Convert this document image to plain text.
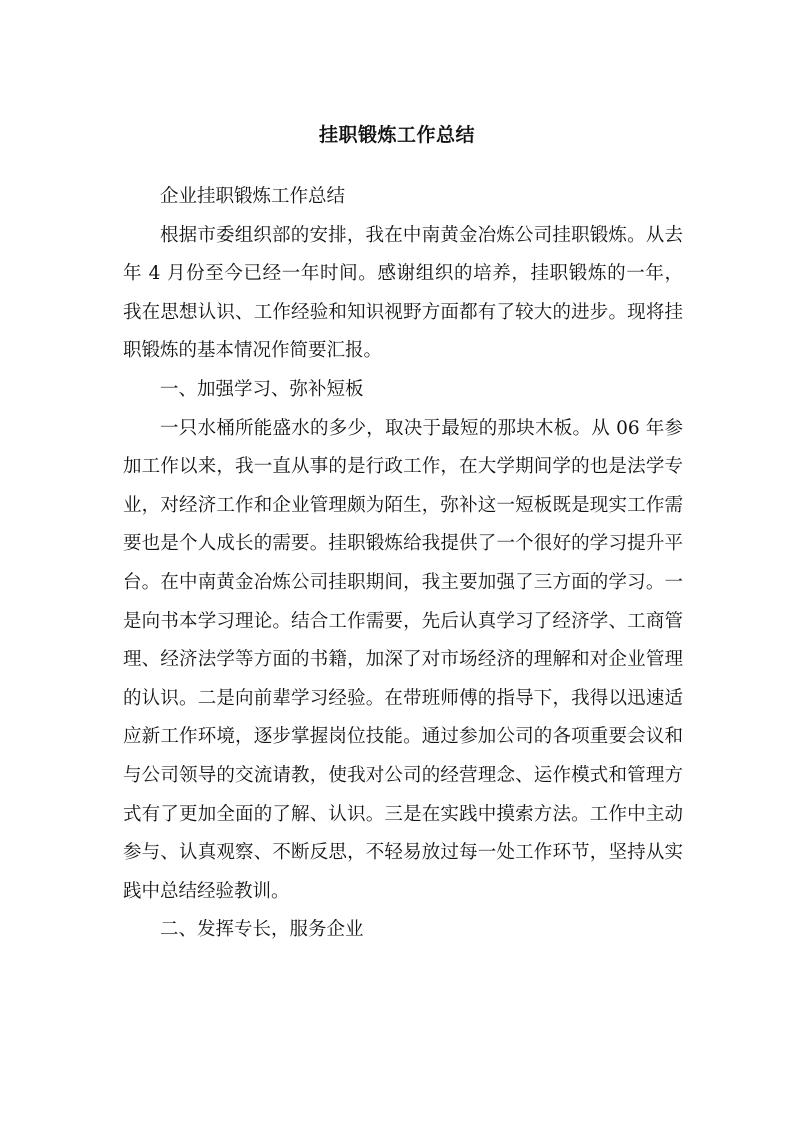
挂职锻炼工作总结

企业挂职锻炼工作总结

根据市委组织部的安排，我在中南黄金冶炼公司挂职锻炼。从去年 4 月份至今已经一年时间。感谢组织的培养，挂职锻炼的一年，我在思想认识、工作经验和知识视野方面都有了较大的进步。现将挂职锻炼的基本情况作简要汇报。

一、加强学习、弥补短板

一只水桶所能盛水的多少，取决于最短的那块木板。从 06 年参加工作以来，我一直从事的是行政工作，在大学期间学的也是法学专业，对经济工作和企业管理颇为陌生，弥补这一短板既是现实工作需要也是个人成长的需要。挂职锻炼给我提供了一个很好的学习提升平台。在中南黄金冶炼公司挂职期间，我主要加强了三方面的学习。一是向书本学习理论。结合工作需要，先后认真学习了经济学、工商管理、经济法学等方面的书籍，加深了对市场经济的理解和对企业管理的认识。二是向前辈学习经验。在带班师傅的指导下，我得以迅速适应新工作环境，逐步掌握岗位技能。通过参加公司的各项重要会议和与公司领导的交流请教，使我对公司的经营理念、运作模式和管理方式有了更加全面的了解、认识。三是在实践中摸索方法。工作中主动参与、认真观察、不断反思，不轻易放过每一处工作环节，坚持从实践中总结经验教训。

二、发挥专长，服务企业
